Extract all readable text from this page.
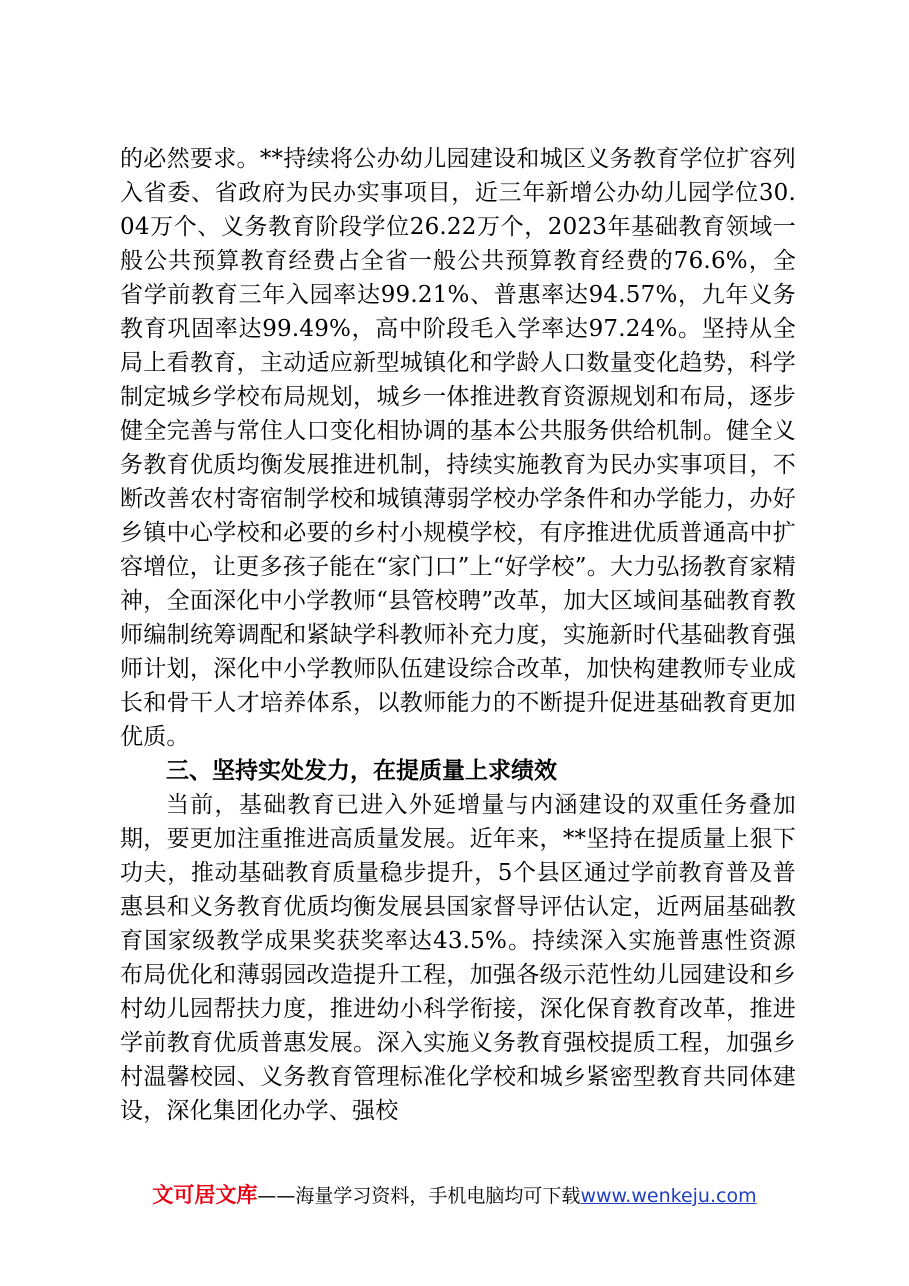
的必然要求。**持续将公办幼儿园建设和城区义务教育学位扩容列入省委、省政府为民办实事项目，近三年新增公办幼儿园学位30.04万个、义务教育阶段学位26.22万个，2023年基础教育领域一般公共预算教育经费占全省一般公共预算教育经费的76.6%，全省学前教育三年入园率达99.21%、普惠率达94.57%，九年义务教育巩固率达99.49%，高中阶段毛入学率达97.24%。坚持从全局上看教育，主动适应新型城镇化和学龄人口数量变化趋势，科学制定城乡学校布局规划，城乡一体推进教育资源规划和布局，逐步健全完善与常住人口变化相协调的基本公共服务供给机制。健全义务教育优质均衡发展推进机制，持续实施教育为民办实事项目，不断改善农村寄宿制学校和城镇薄弱学校办学条件和办学能力，办好乡镇中心学校和必要的乡村小规模学校，有序推进优质普通高中扩容增位，让更多孩子能在“家门口”上“好学校”。大力弘扬教育家精神，全面深化中小学教师“县管校聘”改革，加大区域间基础教育教师编制统筹调配和紧缺学科教师补充力度，实施新时代基础教育强师计划，深化中小学教师队伍建设综合改革，加快构建教师专业成长和骨干人才培养体系，以教师能力的不断提升促进基础教育更加优质。

三、坚持实处发力，在提质量上求绩效

当前，基础教育已进入外延增量与内涵建设的双重任务叠加期，要更加注重推进高质量发展。近年来，**坚持在提质量上狠下功夫，推动基础教育质量稳步提升，5个县区通过学前教育普及普惠县和义务教育优质均衡发展县国家督导评估认定，近两届基础教育国家级教学成果奖获奖率达43.5%。持续深入实施普惠性资源布局优化和薄弱园改造提升工程，加强各级示范性幼儿园建设和乡村幼儿园帮扶力度，推进幼小科学衔接，深化保育教育改革，推进学前教育优质普惠发展。深入实施义务教育强校提质工程，加强乡村温馨校园、义务教育管理标准化学校和城乡紧密型教育共同体建设，深化集团化办学、强校

文可居文库——海量学习资料，手机电脑均可下载www.wenkeju.com
